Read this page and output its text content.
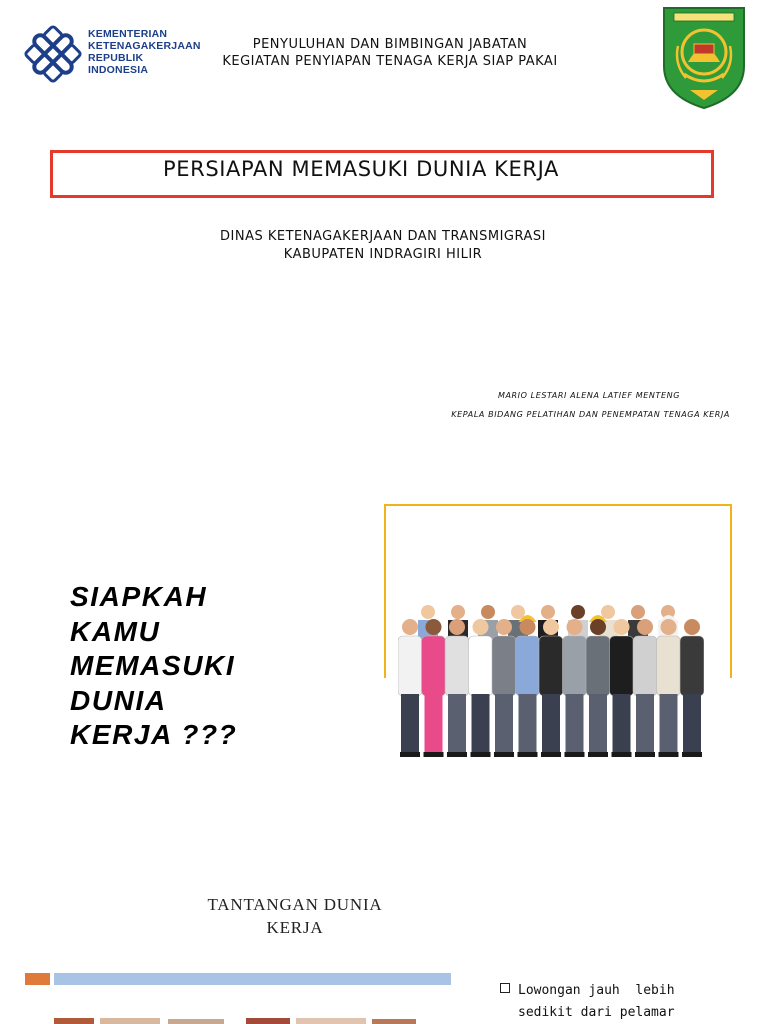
KEMENTERIAN
KETENAGAKERJAAN
REPUBLIK
INDONESIA
PENYULUHAN DAN BIMBINGAN JABATAN
KEGIATAN PENYIAPAN TENAGA KERJA SIAP PAKAI
PERSIAPAN MEMASUKI DUNIA KERJA
DINAS KETENAGAKERJAAN DAN TRANSMIGRASI
KABUPATEN INDRAGIRI HILIR
MARIO LESTARI ALENA LATIEF MENTENG
KEPALA BIDANG PELATIHAN DAN PENEMPATAN TENAGA KERJA
SIAPKAH
KAMU
MEMASUKI
DUNIA
KERJA ???
TANTANGAN DUNIA
KERJA
Lowongan jauh  lebih
sedikit dari pelamar
